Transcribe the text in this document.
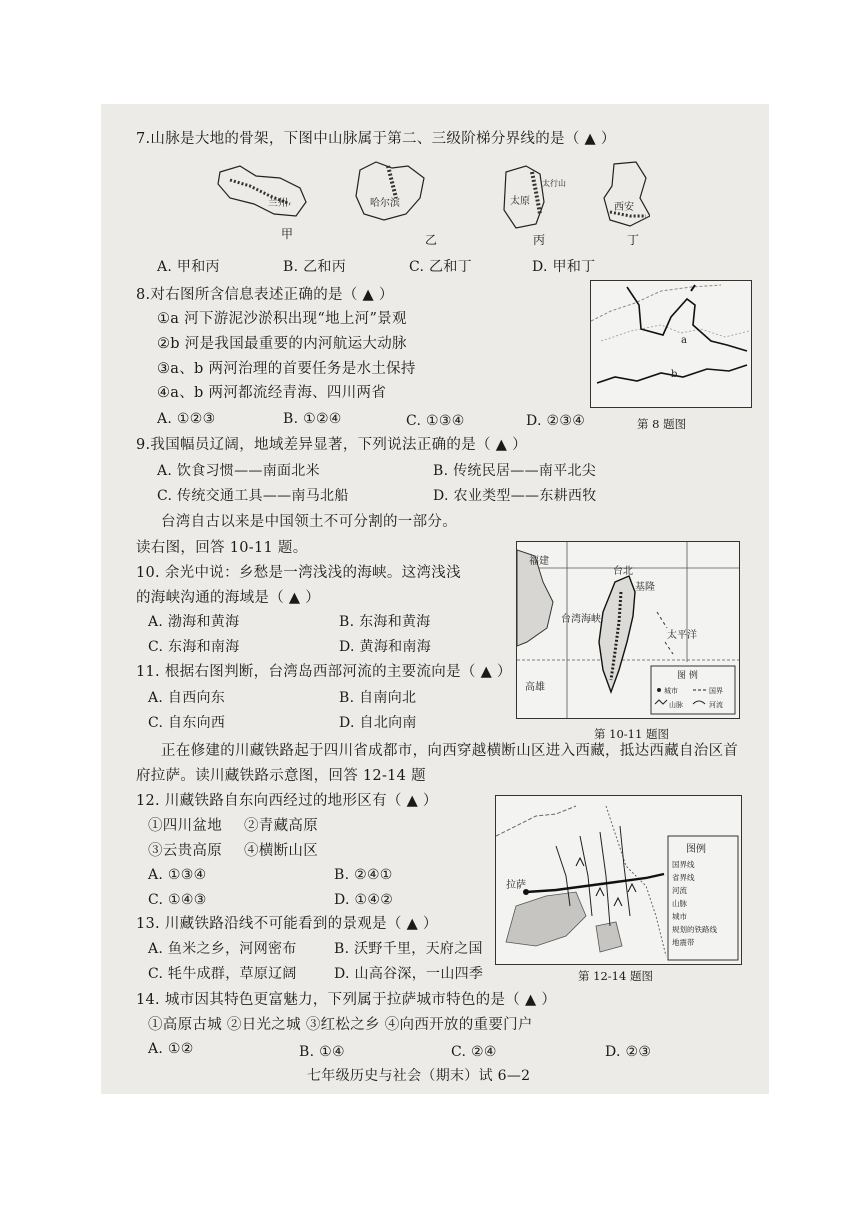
7.山脉是大地的骨架，下图中山脉属于第二、三级阶梯分界线的是（ ▲ ）
兰州	哈尔滨	太原
太行山
西安
甲	乙	丙	丁
A. 甲和丙	B. 乙和丙	C. 乙和丁	D. 甲和丁
8.对右图所含信息表述正确的是（ ▲ ）
①a 河下游泥沙淤积出现“地上河”景观
②b 河是我国最重要的内河航运大动脉
③a、b 两河治理的首要任务是水土保持
④a、b 两河都流经青海、四川两省
A. ①②③	B. ①②④	C. ①③④	D. ②③④
a
b
第 8 题图
9.我国幅员辽阔，地域差异显著，下列说法正确的是（ ▲ ）
A. 饮食习惯——南面北米	B. 传统民居——南平北尖
C. 传统交通工具——南马北船	D. 农业类型——东耕西牧
台湾自古以来是中国领土不可分割的一部分。
读右图，回答 10-11 题。
10. 余光中说：乡愁是一湾浅浅的海峡。这湾浅浅
的海峡沟通的海域是（ ▲ ）
A. 渤海和黄海	B. 东海和黄海
C. 东海和南海	D. 黄海和南海
11. 根据右图判断，台湾岛西部河流的主要流向是（ ▲ ）
A. 自西向东	B. 自南向北
C. 自东向西	D. 自北向南
福建
台北
基隆
台湾海峡
太平洋
高雄
图 例
城市	国界
山脉	河流
第 10-11 题图
正在修建的川藏铁路起于四川省成都市，向西穿越横断山区进入西藏，抵达西藏自治区首
府拉萨。读川藏铁路示意图，回答 12-14 题
12. 川藏铁路自东向西经过的地形区有（ ▲ ）
①四川盆地 ②青藏高原
③云贵高原 ④横断山区
A. ①③④	B. ②④①
C. ①④③	D. ①④②
13. 川藏铁路沿线不可能看到的景观是（ ▲ ）
A. 鱼米之乡，河网密布	B. 沃野千里，天府之国
C. 牦牛成群，草原辽阔	D. 山高谷深，一山四季
拉萨
图例
国界线
省界线
河流
山脉
城市
规划的铁路线
地震带
第 12-14 题图
14. 城市因其特色更富魅力，下列属于拉萨城市特色的是（ ▲ ）
①高原古城 ②日光之城 ③红松之乡 ④向西开放的重要门户
A. ①②	B. ①④	C. ②④	D. ②③
七年级历史与社会（期末）试 6—2
